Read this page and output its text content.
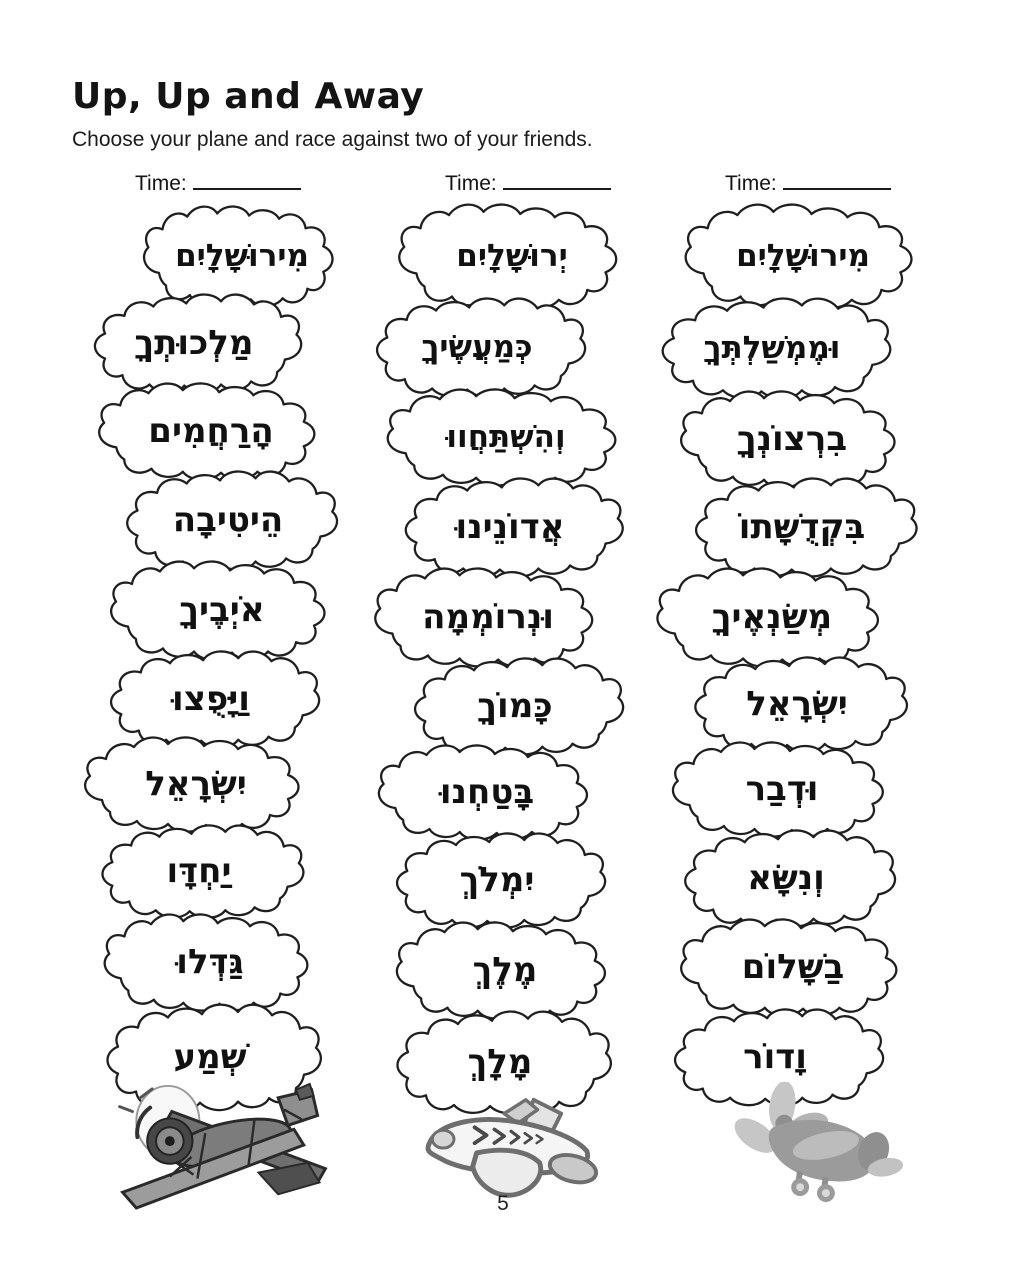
Up, Up and Away

Choose your plane and race against two of your friends.

Time:	Time:	Time:
מִירוּשָׁלָיִם
מַלְכוּתְךָ
הָרַחֲמִים
הֵיטִיבָה
אֹיְבֶיךָ
וַיָּפֻצוּ
יִשְׂרָאֵל
יַחְדָּו
גַּדְּלוּ
שְׁמַע
יְרוּשָׁלָיִם
כְּמַעֲשֶׂיךָ
וְהִשְׁתַּחֲווּ
אֲדוֹנֵינוּ
וּנְרוֹמְמָה
כָּמוֹךָ
בָּטַחְנוּ
יִמְלֹךְ
מֶלֶךְ
מָלָךְ
מִירוּשָׁלָיִם
וּמֶמְשַׁלְתְּךָ
בִרְצוֹנְךָ
בִּקְדֻשָּׁתוֹ
מְשַׂנְאֶיךָ
יִשְׂרָאֵל
וּדְבַר
וְנִשָּׂא
בַשָּׁלוֹם
וָדוֹר
5
